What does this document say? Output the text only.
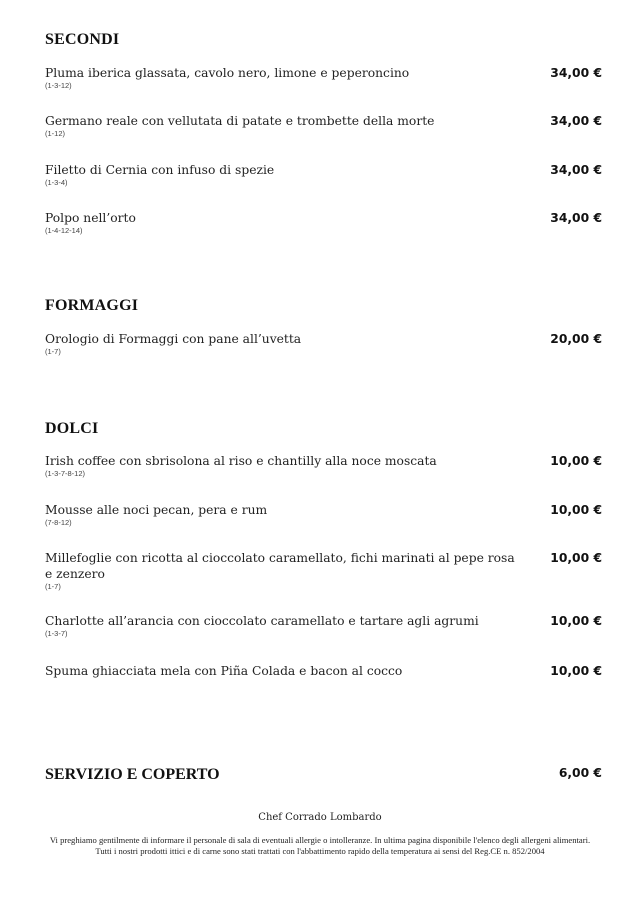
SECONDI
Pluma iberica glassata, cavolo nero, limone e peperoncino
(1-3-12)
34,00 €
Germano reale con vellutata di patate e trombette della morte
(1-12)
34,00 €
Filetto di Cernia con infuso di spezie
(1-3-4)
34,00 €
Polpo nell’orto
(1-4-12-14)
34,00 €
FORMAGGI
Orologio di Formaggi con pane all’uvetta
(1-7)
20,00 €
DOLCI
Irish coffee con sbrisolona al riso e chantilly alla noce moscata
(1-3-7-8-12)
10,00 €
Mousse alle noci pecan, pera e rum
(7-8-12)
10,00 €
Millefoglie con ricotta al cioccolato caramellato, fichi marinati al pepe rosa e zenzero
(1-7)
10,00 €
Charlotte all’arancia con cioccolato caramellato e tartare agli agrumi
(1-3-7)
10,00 €
Spuma ghiacciata mela con Piña Colada e bacon al cocco	10,00 €
SERVIZIO E COPERTO	6,00 €
Chef Corrado Lombardo

Vi preghiamo gentilmente di informare il personale di sala di eventuali allergie o intolleranze. In ultima pagina disponibile l'elenco degli allergeni alimentari.

Tutti i nostri prodotti ittici e di carne sono stati trattati con l'abbattimento rapido della temperatura ai sensi del Reg.CE n. 852/2004
